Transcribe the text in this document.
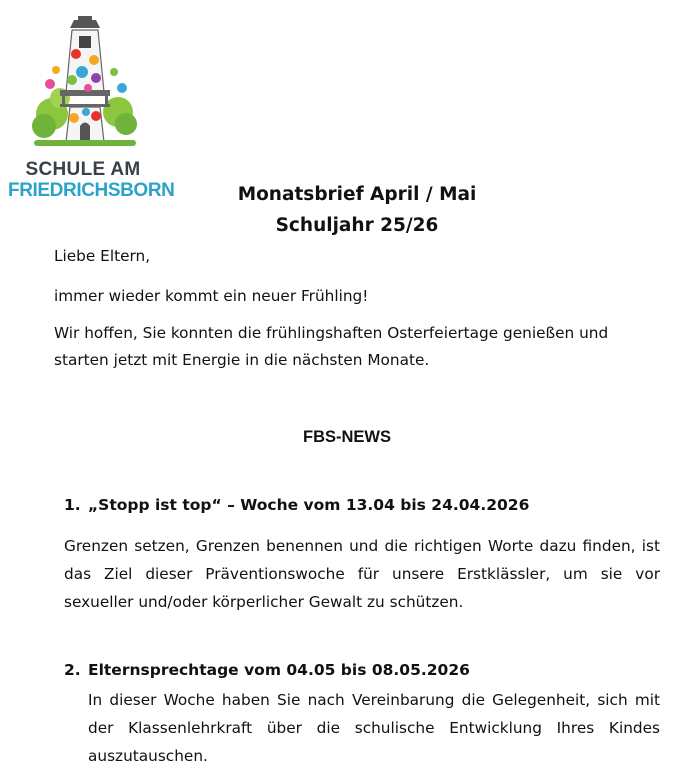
SCHULE AM
FRIEDRICHSBORN	Monatsbrief April / Mai
Schuljahr 25/26
Liebe Eltern,
immer wieder kommt ein neuer Frühling!
Wir hoffen, Sie konnten die frühlingshaften Osterfeiertage genießen und starten jetzt mit Energie in die nächsten Monate.
FBS-NEWS
1. „Stopp ist top“ – Woche vom 13.04 bis 24.04.2026
Grenzen setzen, Grenzen benennen und die richtigen Worte dazu finden, ist das Ziel dieser Präventionswoche für unsere Erstklässler, um sie vor sexueller und/oder körperlicher Gewalt zu schützen.
2. Elternsprechtage vom 04.05 bis 08.05.2026
In dieser Woche haben Sie nach Vereinbarung die Gelegenheit, sich mit der Klassenlehrkraft über die schulische Entwicklung Ihres Kindes auszutauschen.
